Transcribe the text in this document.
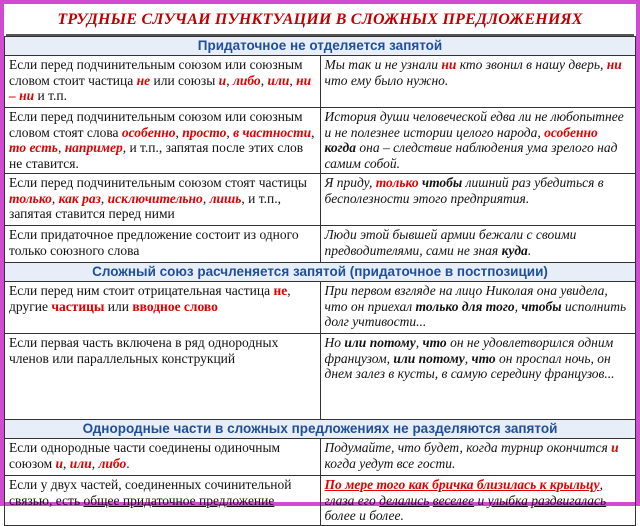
ТРУДНЫЕ СЛУЧАИ ПУНКТУАЦИИ В СЛОЖНЫХ ПРЕДЛОЖЕНИЯХ
Придаточное не отделяется запятой	
Если перед подчинительным союзом или союзным словом стоит частица не или союзы и, либо, или, ни – ни и т.п.	Мы так и не узнали ни кто звонил в нашу дверь, ни что ему было нужно.
Если перед подчинительным союзом или союзным словом стоят слова особенно, просто, в частности, то есть, например, и т.п., запятая после этих слов не ставится.	История души человеческой едва ли не любопытнее и не полезнее истории целого народа, особенно когда она – следствие наблюдения ума зрелого над самим собой.
Если перед подчинительным союзом стоят частицы только, как раз, исключительно, лишь, и т.п., запятая ставится перед ними	Я приду, только чтобы лишний раз убедиться в бесполезности этого предприятия.
Если придаточное предложение состоит из одного только союзного слова	Люди этой бывшей армии бежали с своими предводителями, сами не зная куда.
Сложный союз расчленяется запятой (придаточное в постпозиции)	
Если перед ним стоит отрицательная частица не, другие частицы или вводное слово	При первом взгляде на лицо Николая она увидела, что он приехал только для того, чтобы исполнить долг учтивости...
Если первая часть включена в ряд однородных членов или параллельных конструкций	Но или потому, что он не удовлетворился одним французом, или потому, что он проспал ночь, он днем залез в кусты, в самую середину французов...
Однородные части в сложных предложениях не разделяются запятой	
Если однородные части соединены одиночным союзом и, или, либо.	Подумайте, что будет, когда турнир окончится и когда уедут все гости.
Если у двух частей, соединенных сочинительной связью, есть общее придаточное предложение	По мере того как бричка близилась к крыльцу, глаза его делались веселее и улыбка раздвигалась более и более.
